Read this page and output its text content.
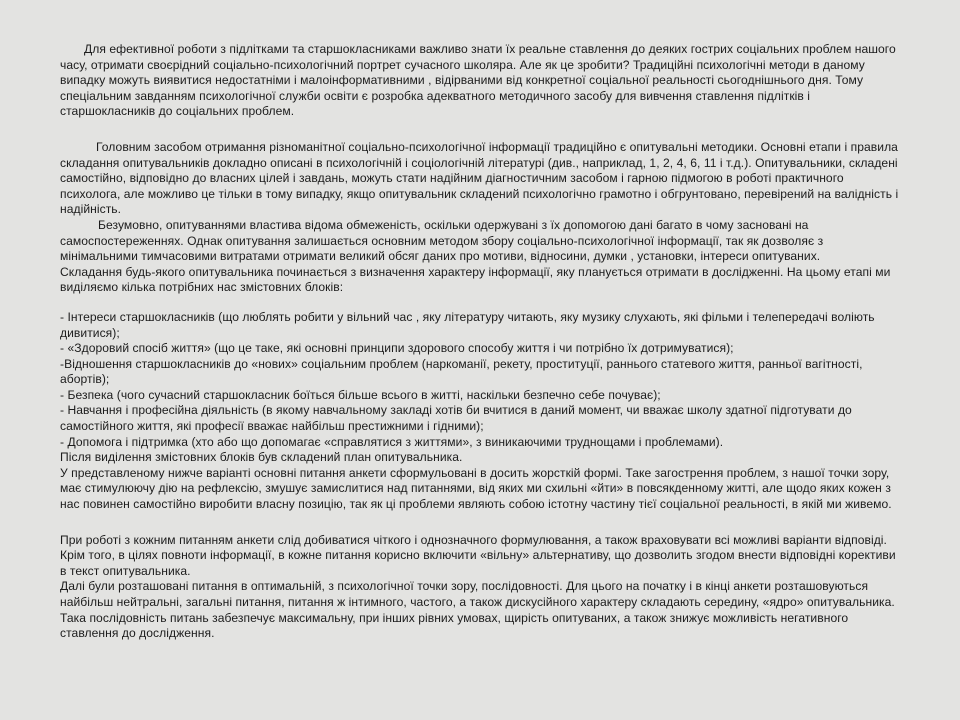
Для ефективної роботи з підлітками та старшокласниками важливо знати їх реальне ставлення до деяких гострих соціальних проблем нашого часу, отримати своєрідний соціально-психологічний портрет сучасного школяра. Але як це зробити? Традиційні психологічні методи в даному випадку можуть виявитися недостатніми і малоінформативними , відірваними від конкретної соціальної реальності сьогоднішнього дня. Тому спеціальним завданням психологічної служби освіти є розробка адекватного методичного засобу для вивчення ставлення підлітків і старшокласників до соціальних проблем.

Головним засобом отримання різноманітної соціально-психологічної інформації традиційно є опитувальні методики. Основні етапи і правила складання опитувальників докладно описані в психологічній і соціологічній літературі (див., наприклад, 1, 2, 4, 6, 11 і т.д.). Опитувальники, складені самостійно, відповідно до власних цілей і завдань, можуть стати надійним діагностичним засобом і гарною підмогою в роботі практичного психолога, але можливо це тільки в тому випадку, якщо опитувальник складений психологічно грамотно і обгрунтовано, перевірений на валідність і надійність.

Безумовно, опитуваннями властива відома обмеженість, оскільки одержувані з їх допомогою дані багато в чому засновані на самоспостереженнях. Однак опитування залишається основним методом збору соціально-психологічної інформації, так як дозволяє з мінімальними тимчасовими витратами отримати великий обсяг даних про мотиви, відносини, думки , установки, інтереси опитуваних.

Складання будь-якого опитувальника починається з визначення характеру інформації, яку планується отримати в дослідженні. На цьому етапі ми виділяємо кілька потрібних нас змістовних блоків:

- Інтереси старшокласників (що люблять робити у вільний час , яку літературу читають, яку музику слухають, які фільми і телепередачі воліють дивитися);
- «Здоровий спосіб життя» (що це таке, які основні принципи здорового способу життя і чи потрібно їх дотримуватися);
-Відношення старшокласників до «нових» соціальним проблем (наркоманії, рекету, проституції, раннього статевого життя, ранньої вагітності, абортів);
- Безпека (чого сучасний старшокласник боїться більше всього в житті, наскільки безпечно себе почуває);
- Навчання і професійна діяльність (в якому навчальному закладі хотів би вчитися в даний момент, чи вважає школу здатної підготувати до самостійного життя, які професії вважає найбільш престижними і гідними);
- Допомога і підтримка (хто або що допомагає «справлятися з життями», з виникаючими труднощами і проблемами).

Після виділення змістовних блоків був складений план опитувальника.

У представленому нижче варіанті основні питання анкети сформульовані в досить жорсткій формі. Таке загострення проблем, з нашої точки зору, має стимулюючу дію на рефлексію, змушує замислитися над питаннями, від яких ми схильні «йти» в повсякденному житті, але щодо яких кожен з нас повинен самостійно виробити власну позицію, так як ці проблеми являють собою істотну частину тієї соціальної реальності, в якій ми живемо.

При роботі з кожним питанням анкети слід добиватися чіткого і однозначного формулювання, а також враховувати всі можливі варіанти відповіді. Крім того, в цілях повноти інформації, в кожне питання корисно включити «вільну» альтернативу, що дозволить згодом внести відповідні корективи в текст опитувальника.

Далі були розташовані питання в оптимальній, з психологічної точки зору, послідовності. Для цього на початку і в кінці анкети розташовуються найбільш нейтральні, загальні питання, питання ж інтимного, частого, а також дискусійного характеру складають середину, «ядро» опитувальника. Така послідовність питань забезпечує максимальну, при інших рівних умовах, щирість опитуваних, а також знижує можливість негативного ставлення до дослідження.
